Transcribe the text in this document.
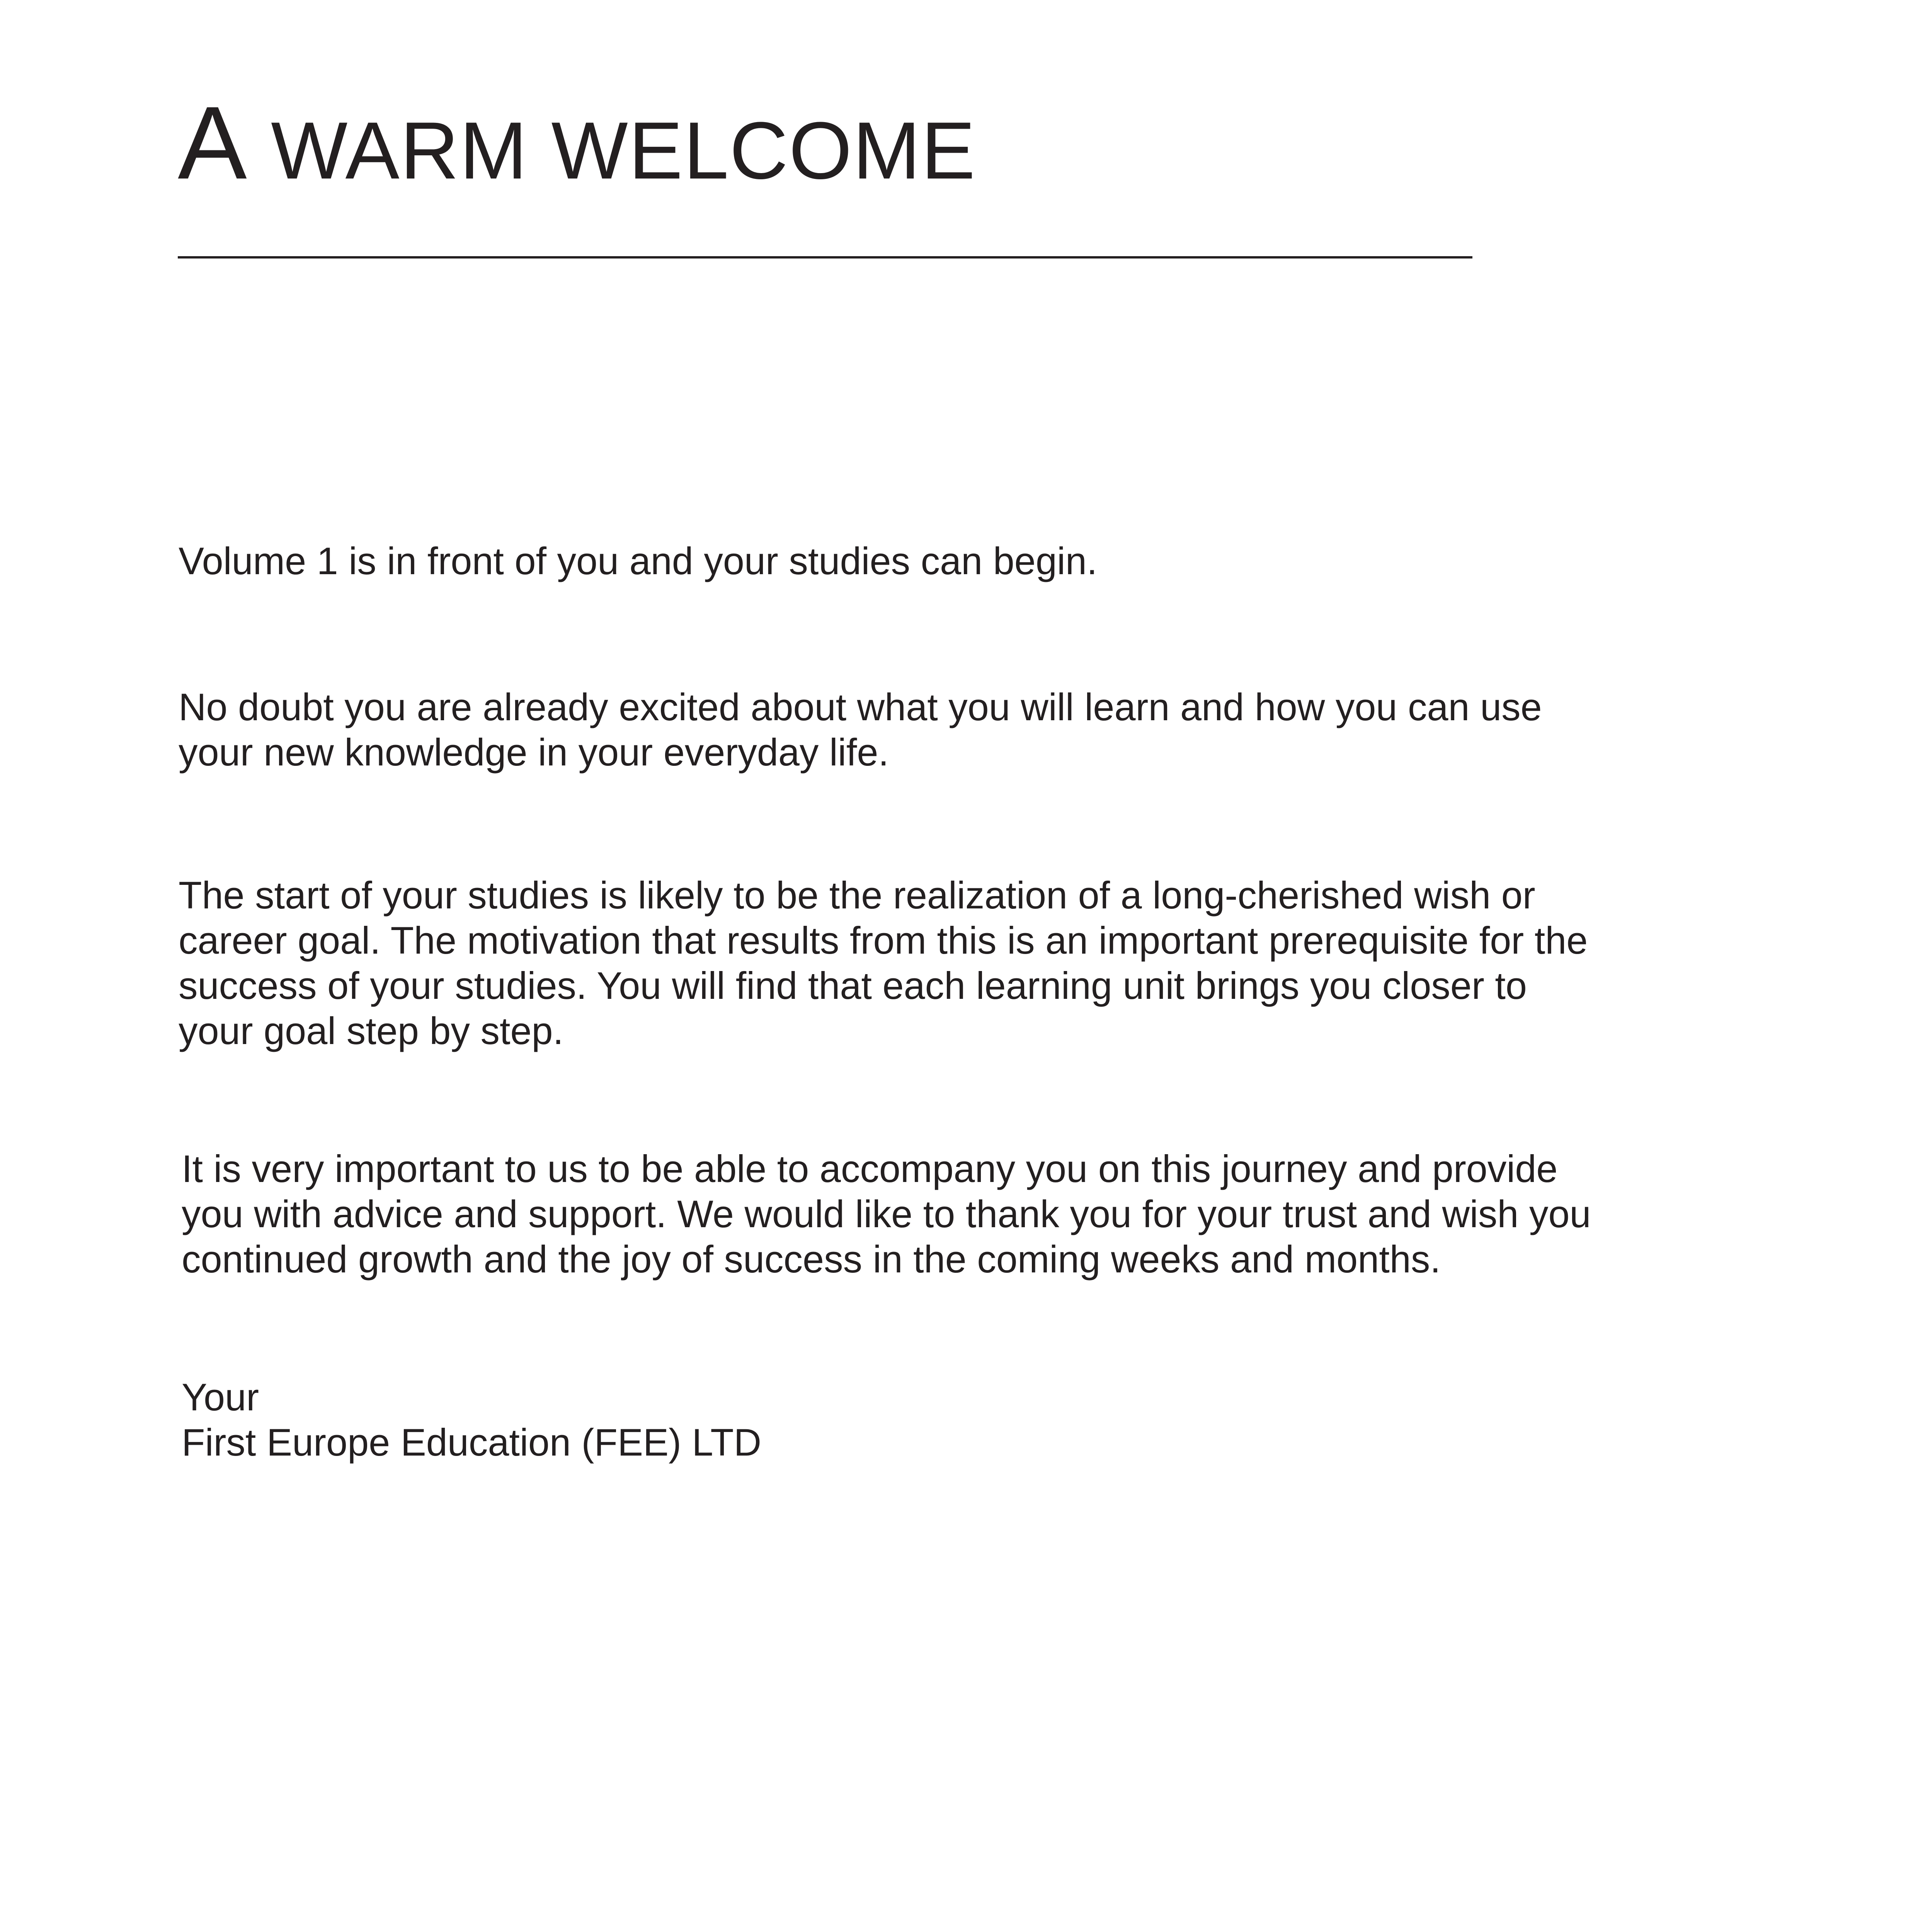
A WARM WELCOME

Volume 1 is in front of you and your studies can begin.

No doubt you are already excited about what you will learn and how you can use
your new knowledge in your everyday life.

The start of your studies is likely to be the realization of a long-cherished wish or
career goal. The motivation that results from this is an important prerequisite for the
success of your studies. You will find that each learning unit brings you closer to
your goal step by step.

It is very important to us to be able to accompany you on this journey and provide
you with advice and support. We would like to thank you for your trust and wish you
continued growth and the joy of success in the coming weeks and months.

Your
First Europe Education (FEE) LTD
